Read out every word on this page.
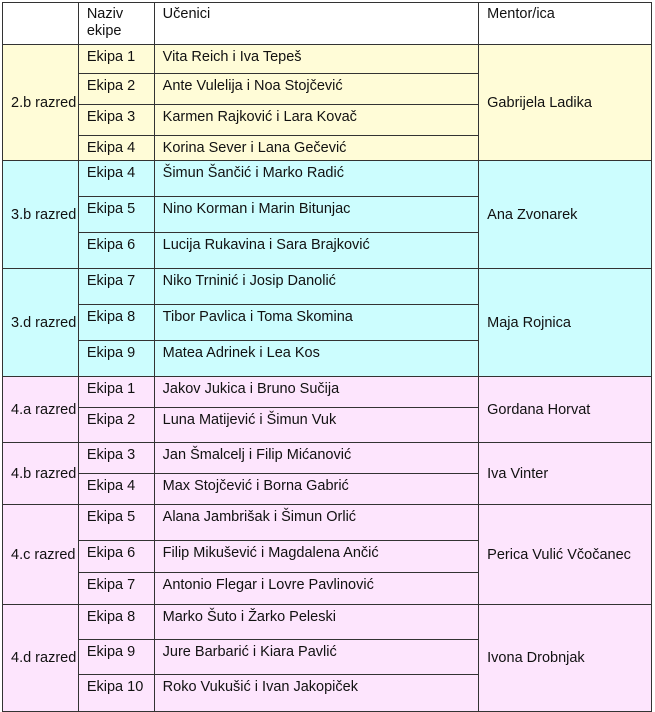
	Naziv ekipe	Učenici	Mentor/ica
2.b razred	Ekipa 1	Vita Reich i Iva Tepeš	Gabrijela Ladika
	Ekipa 2	Ante Vulelija i Noa Stojčević	
	Ekipa 3	Karmen Rajković i Lara Kovač	
	Ekipa 4	Korina Sever i Lana Gečević	
3.b razred	Ekipa 4	Šimun Šančić i Marko Radić	Ana Zvonarek
	Ekipa 5	Nino Korman i Marin Bitunjac	
	Ekipa 6	Lucija Rukavina i Sara Brajković	
3.d razred	Ekipa 7	Niko Trninić i Josip Danolić	Maja Rojnica
	Ekipa 8	Tibor Pavlica i Toma Skomina	
	Ekipa 9	Matea Adrinek i Lea Kos	
4.a razred	Ekipa 1	Jakov Jukica i Bruno Sučija	Gordana Horvat
	Ekipa 2	Luna Matijević i Šimun Vuk	
4.b razred	Ekipa 3	Jan Šmalcelj i Filip Mićanović	Iva Vinter
	Ekipa 4	Max Stojčević i Borna Gabrić	
4.c razred	Ekipa 5	Alana Jambrišak i Šimun Orlić	Perica Vulić Včočanec
	Ekipa 6	Filip Mikušević i Magdalena Ančić	
	Ekipa 7	Antonio Flegar i Lovre Pavlinović	
4.d razred	Ekipa 8	Marko Šuto i Žarko Peleski	Ivona Drobnjak
	Ekipa 9	Jure Barbarić i Kiara Pavlić	
	Ekipa 10	Roko Vukušić i Ivan Jakopiček	
